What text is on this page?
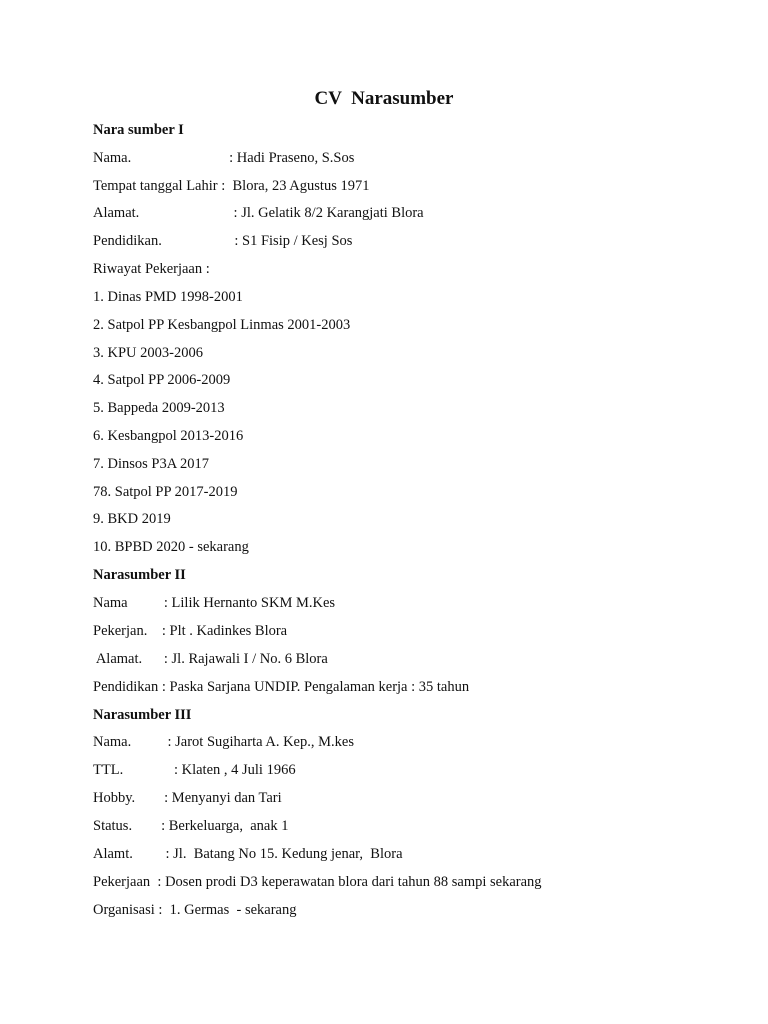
CV  Narasumber
Nara sumber I
Nama.                           : Hadi Praseno, S.Sos
Tempat tanggal Lahir :  Blora, 23 Agustus 1971
Alamat.                          : Jl. Gelatik 8/2 Karangjati Blora
Pendidikan.                    : S1 Fisip / Kesj Sos
Riwayat Pekerjaan :
1. Dinas PMD 1998-2001
2. Satpol PP Kesbangpol Linmas 2001-2003
3. KPU 2003-2006
4. Satpol PP 2006-2009
5. Bappeda 2009-2013
6. Kesbangpol 2013-2016
7. Dinsos P3A 2017
78. Satpol PP 2017-2019
9. BKD 2019
10. BPBD 2020 - sekarang
Narasumber II
Nama          : Lilik Hernanto SKM M.Kes
Pekerjan.    : Plt . Kadinkes Blora
Alamat.      : Jl. Rajawali I / No. 6 Blora
Pendidikan : Paska Sarjana UNDIP. Pengalaman kerja : 35 tahun
Narasumber III
Nama.          : Jarot Sugiharta A. Kep., M.kes
TTL.              : Klaten , 4 Juli 1966
Hobby.        : Menyanyi dan Tari
Status.        : Berkeluarga,  anak 1
Alamt.         : Jl.  Batang No 15. Kedung jenar,  Blora
Pekerjaan  : Dosen prodi D3 keperawatan blora dari tahun 88 sampi sekarang
Organisasi :  1. Germas  - sekarang
